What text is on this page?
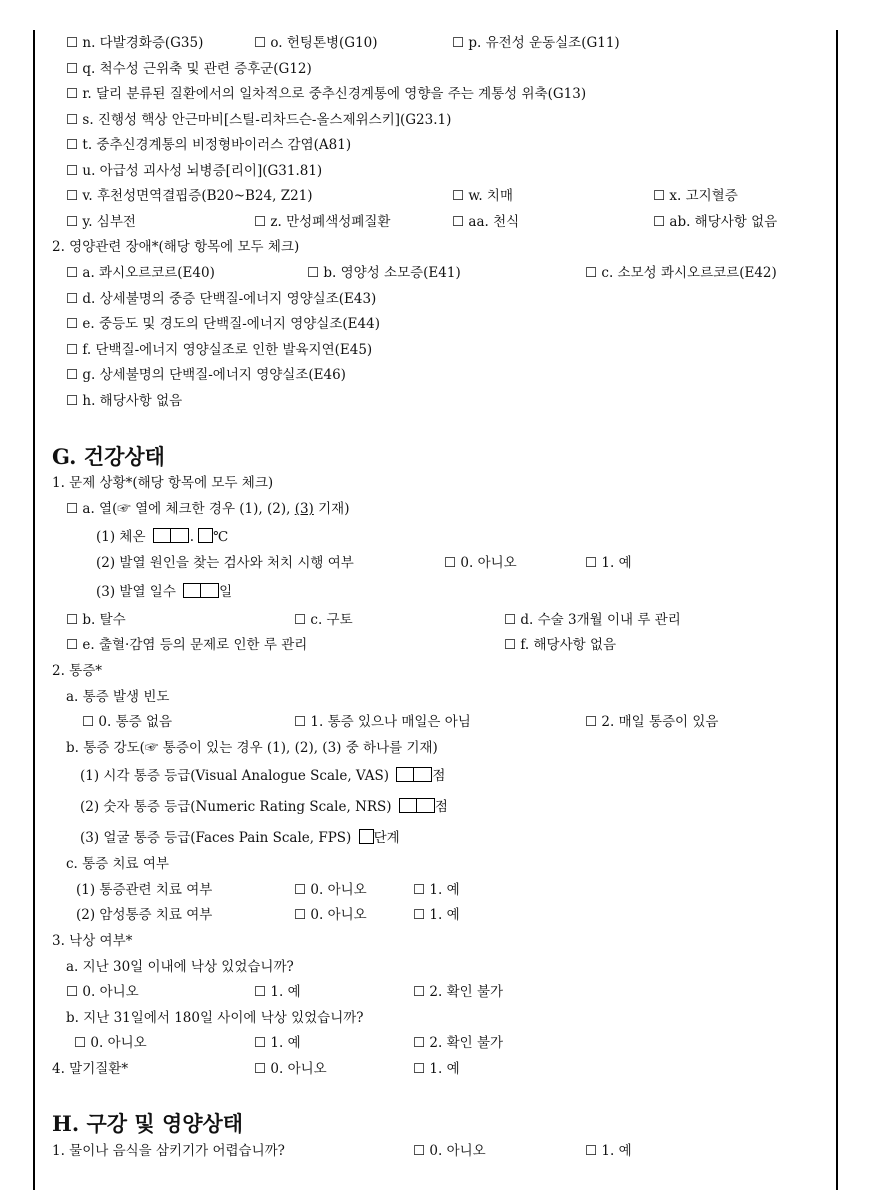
☐ n. 다발경화증(G35)	☐ o. 헌팅톤병(G10)	☐ p. 유전성 운동실조(G11)
☐ q. 척수성 근위축 및 관련 증후군(G12)
☐ r. 달리 분류된 질환에서의 일차적으로 중추신경계통에 영향을 주는 계통성 위축(G13)
☐ s. 진행성 핵상 안근마비[스틸-리차드슨-올스제위스키](G23.1)
☐ t. 중추신경계통의 비정형바이러스 감염(A81)
☐ u. 아급성 괴사성 뇌병증[리이](G31.81)
☐ v. 후천성면역결핍증(B20~B24, Z21)	☐ w. 치매	☐ x. 고지혈증
☐ y. 심부전	☐ z. 만성폐색성폐질환	☐ aa. 천식	☐ ab. 해당사항 없음
2. 영양관련 장애*(해당 항목에 모두 체크)
☐ a. 콰시오르코르(E40)	☐ b. 영양성 소모증(E41)	☐ c. 소모성 콰시오르코르(E42)
☐ d. 상세불명의 중증 단백질-에너지 영양실조(E43)
☐ e. 중등도 및 경도의 단백질-에너지 영양실조(E44)
☐ f. 단백질-에너지 영양실조로 인한 발육지연(E45)
☐ g. 상세불명의 단백질-에너지 영양실조(E46)
☐ h. 해당사항 없음
G. 건강상태
1. 문제 상황*(해당 항목에 모두 체크)
☐ a. 열(☞ 열에 체크한 경우 (1), (2), (3) 기재)
(1) 체온	. ℃
(2) 발열 원인을 찾는 검사와 처치 시행 여부	☐ 0. 아니오	☐ 1. 예
(3) 발열 일수	일
☐ b. 탈수	☐ c. 구토	☐ d. 수술 3개월 이내 루 관리
☐ e. 출혈·감염 등의 문제로 인한 루 관리	☐ f. 해당사항 없음
2. 통증*
a. 통증 발생 빈도
☐ 0. 통증 없음	☐ 1. 통증 있으나 매일은 아님	☐ 2. 매일 통증이 있음
b. 통증 강도(☞ 통증이 있는 경우 (1), (2), (3) 중 하나를 기재)
(1) 시각 통증 등급(Visual Analogue Scale, VAS)	점
(2) 숫자 통증 등급(Numeric Rating Scale, NRS)	점
(3) 얼굴 통증 등급(Faces Pain Scale, FPS) 단계
c. 통증 치료 여부
(1) 통증관련 치료 여부	☐ 0. 아니오	☐ 1. 예
(2) 암성통증 치료 여부	☐ 0. 아니오	☐ 1. 예
3. 낙상 여부*
a. 지난 30일 이내에 낙상 있었습니까?
☐ 0. 아니오	☐ 1. 예	☐ 2. 확인 불가
b. 지난 31일에서 180일 사이에 낙상 있었습니까?
☐ 0. 아니오	☐ 1. 예	☐ 2. 확인 불가
4. 말기질환*	☐ 0. 아니오	☐ 1. 예
H. 구강 및 영양상태
1. 물이나 음식을 삼키기가 어렵습니까?	☐ 0. 아니오	☐ 1. 예
